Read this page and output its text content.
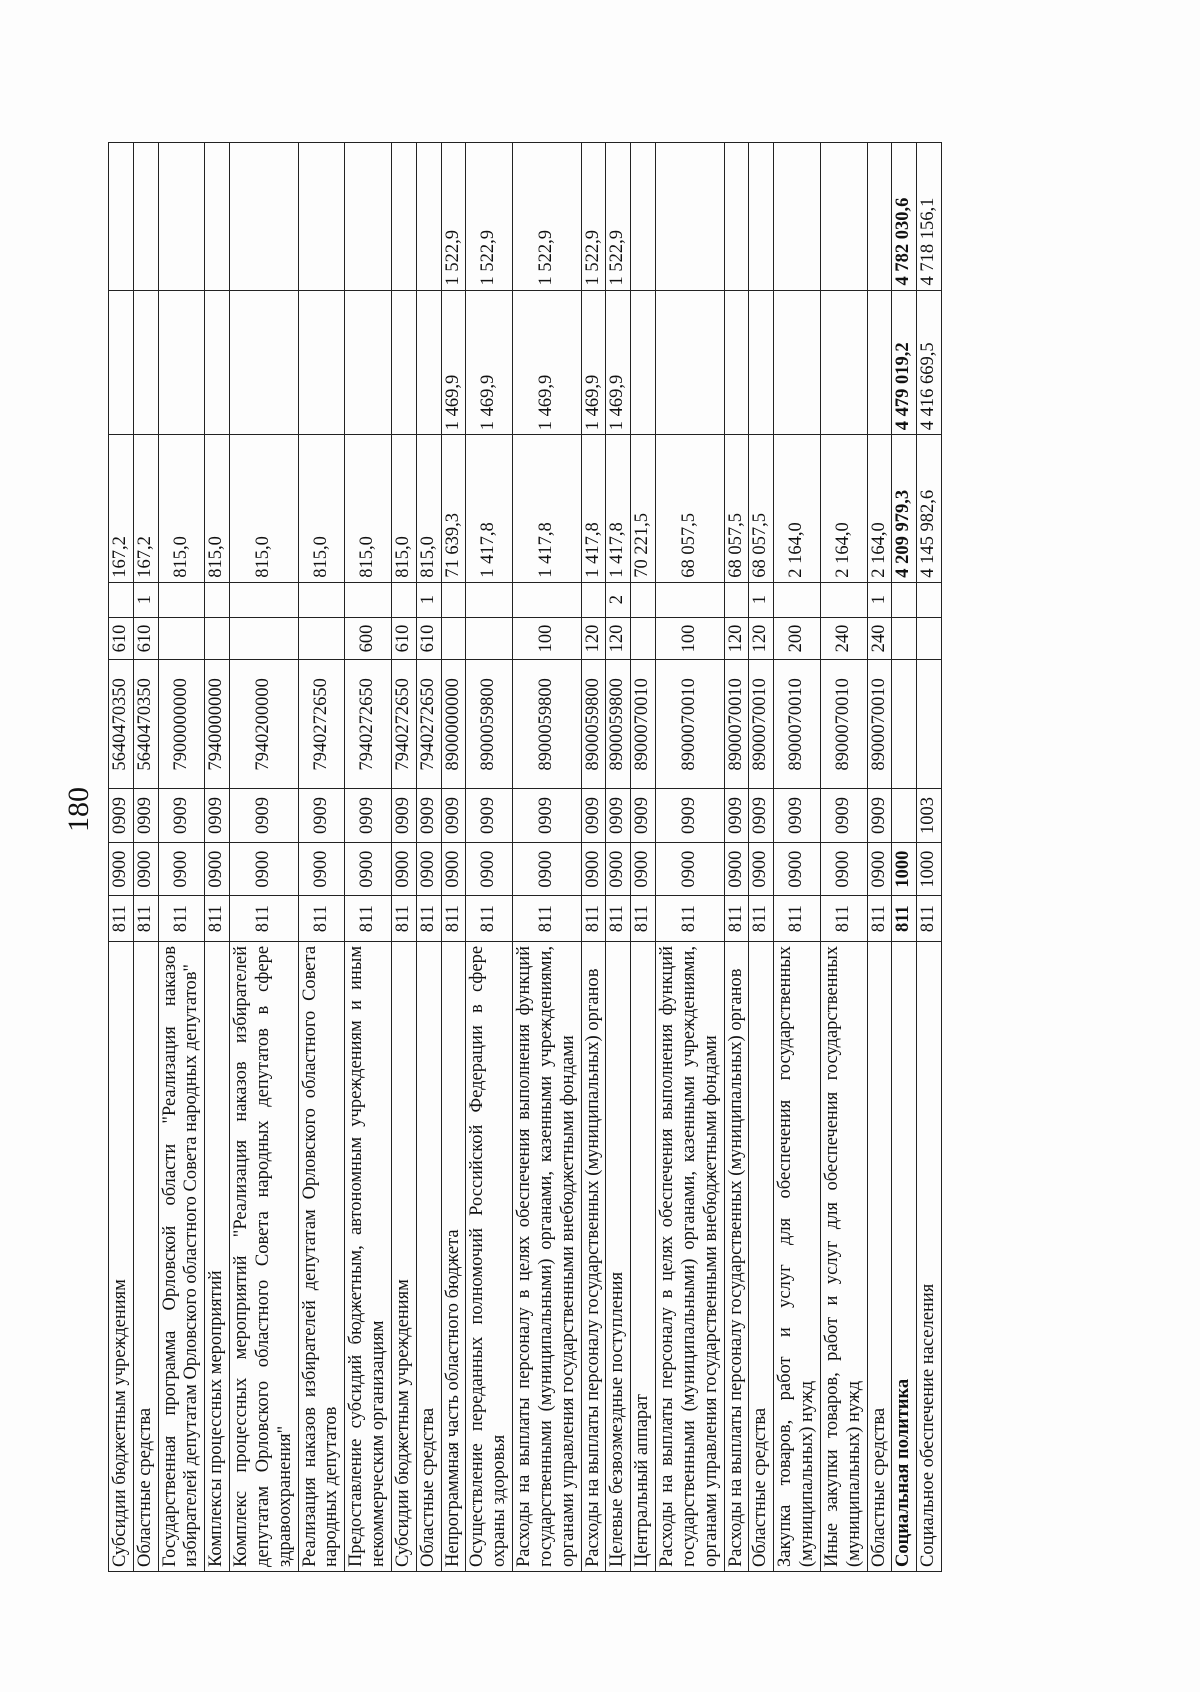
180
Субсидии бюджетным учреждениям	811	0900	0909	5640470350	610		167,2		
Областные средства	811	0900	0909	5640470350	610	1	167,2		
Государственная программа Орловской области "Реализация наказов избирателей депутатам Орловского областного Совета народных депутатов"	811	0900	0909	7900000000			815,0		
Комплексы процессных мероприятий	811	0900	0909	7940000000			815,0		
Комплекс процессных мероприятий "Реализация наказов избирателей депутатам Орловского областного Совета народных депутатов в сфере здравоохранения"	811	0900	0909	7940200000			815,0		
Реализация наказов избирателей депутатам Орловского областного Совета народных депутатов	811	0900	0909	7940272650			815,0		
Предоставление субсидий бюджетным, автономным учреждениям и иным некоммерческим организациям	811	0900	0909	7940272650	600		815,0		
Субсидии бюджетным учреждениям	811	0900	0909	7940272650	610		815,0		
Областные средства	811	0900	0909	7940272650	610	1	815,0		
Непрограммная часть областного бюджета	811	0900	0909	8900000000			71 639,3	1 469,9	1 522,9
Осуществление переданных полномочий Российской Федерации в сфере охраны здоровья	811	0900	0909	8900059800			1 417,8	1 469,9	1 522,9
Расходы на выплаты персоналу в целях обеспечения выполнения функций государственными (муниципальными) органами, казенными учреждениями, органами управления государственными внебюджетными фондами	811	0900	0909	8900059800	100		1 417,8	1 469,9	1 522,9
Расходы на выплаты персоналу государственных (муниципальных) органов	811	0900	0909	8900059800	120		1 417,8	1 469,9	1 522,9
Целевые безвозмездные поступления	811	0900	0909	8900059800	120	2	1 417,8	1 469,9	1 522,9
Центральный аппарат	811	0900	0909	8900070010			70 221,5		
Расходы на выплаты персоналу в целях обеспечения выполнения функций государственными (муниципальными) органами, казенными учреждениями, органами управления государственными внебюджетными фондами	811	0900	0909	8900070010	100		68 057,5		
Расходы на выплаты персоналу государственных (муниципальных) органов	811	0900	0909	8900070010	120		68 057,5		
Областные средства	811	0900	0909	8900070010	120	1	68 057,5		
Закупка товаров, работ и услуг для обеспечения государственных (муниципальных) нужд	811	0900	0909	8900070010	200		2 164,0		
Иные закупки товаров, работ и услуг для обеспечения государственных (муниципальных) нужд	811	0900	0909	8900070010	240		2 164,0		
Областные средства	811	0900	0909	8900070010	240	1	2 164,0		
Социальная политика	811	1000					4 209 979,3	4 479 019,2	4 782 030,6
Социальное обеспечение населения	811	1000	1003				4 145 982,6	4 416 669,5	4 718 156,1
